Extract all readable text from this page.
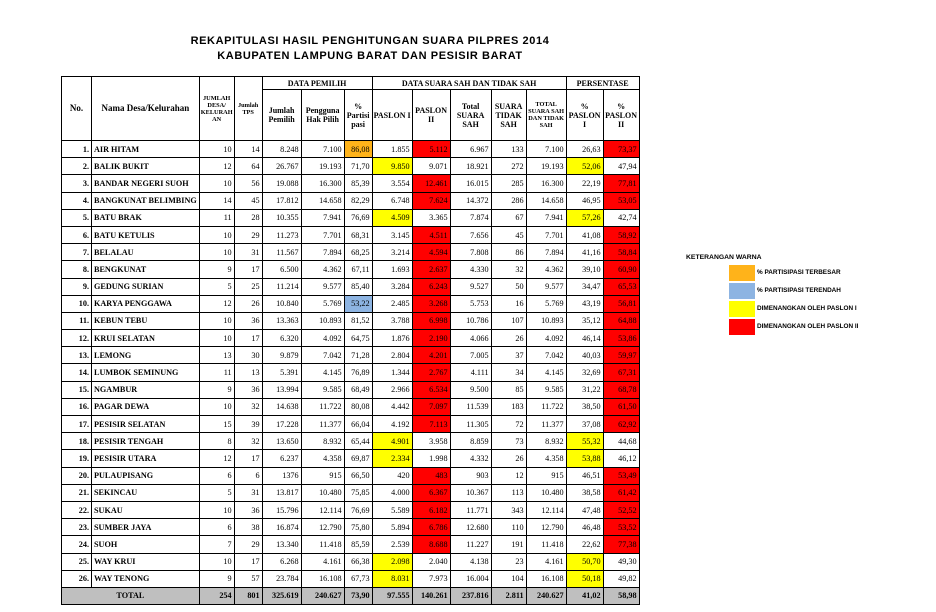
REKAPITULASI HASIL PENGHITUNGAN SUARA PILPRES 2014
KABUPATEN LAMPUNG BARAT DAN PESISIR BARAT
No.	Nama Desa/Kelurahan	JUMLAH DESA/ KELURAH AN	Jumlah TPS	DATA PEMILIH			DATA SUARA SAH DAN TIDAK SAH					PERSENTASE	
				Jumlah Pemilih	Pengguna Hak Pilih	% Partisi pasi	PASLON I	PASLON II	Total SUARA SAH	SUARA TIDAK SAH	TOTAL SUARA SAH DAN TIDAK SAH	% PASLON I	% PASLON II
1.	AIR HITAM	10	14	8.248	7.100	86,08	1.855	5.112	6.967	133	7.100	26,63	73,37
2.	BALIK BUKIT	12	64	26.767	19.193	71,70	9.850	9.071	18.921	272	19.193	52,06	47,94
3.	BANDAR NEGERI SUOH	10	56	19.088	16.300	85,39	3.554	12.461	16.015	285	16.300	22,19	77,81
4.	BANGKUNAT BELIMBING	14	45	17.812	14.658	82,29	6.748	7.624	14.372	286	14.658	46,95	53,05
5.	BATU BRAK	11	28	10.355	7.941	76,69	4.509	3.365	7.874	67	7.941	57,26	42,74
6.	BATU KETULIS	10	29	11.273	7.701	68,31	3.145	4.511	7.656	45	7.701	41,08	58,92
7.	BELALAU	10	31	11.567	7.894	68,25	3.214	4.594	7.808	86	7.894	41,16	58,84
8.	BENGKUNAT	9	17	6.500	4.362	67,11	1.693	2.637	4.330	32	4.362	39,10	60,90
9.	GEDUNG SURIAN	5	25	11.214	9.577	85,40	3.284	6.243	9.527	50	9.577	34,47	65,53
10.	KARYA PENGGAWA	12	26	10.840	5.769	53,22	2.485	3.268	5.753	16	5.769	43,19	56,81
11.	KEBUN TEBU	10	36	13.363	10.893	81,52	3.788	6.998	10.786	107	10.893	35,12	64,88
12.	KRUI SELATAN	10	17	6.320	4.092	64,75	1.876	2.190	4.066	26	4.092	46,14	53,86
13.	LEMONG	13	30	9.879	7.042	71,28	2.804	4.201	7.005	37	7.042	40,03	59,97
14.	LUMBOK SEMINUNG	11	13	5.391	4.145	76,89	1.344	2.767	4.111	34	4.145	32,69	67,31
15.	NGAMBUR	9	36	13.994	9.585	68,49	2.966	6.534	9.500	85	9.585	31,22	68,78
16.	PAGAR DEWA	10	32	14.638	11.722	80,08	4.442	7.097	11.539	183	11.722	38,50	61,50
17.	PESISIR SELATAN	15	39	17.228	11.377	66,04	4.192	7.113	11.305	72	11.377	37,08	62,92
18.	PESISIR TENGAH	8	32	13.650	8.932	65,44	4.901	3.958	8.859	73	8.932	55,32	44,68
19.	PESISIR UTARA	12	17	6.237	4.358	69,87	2.334	1.998	4.332	26	4.358	53,88	46,12
20.	PULAUPISANG	6	6	1376	915	66,50	420	483	903	12	915	46,51	53,49
21.	SEKINCAU	5	31	13.817	10.480	75,85	4.000	6.367	10.367	113	10.480	38,58	61,42
22.	SUKAU	10	36	15.796	12.114	76,69	5.589	6.182	11.771	343	12.114	47,48	52,52
23.	SUMBER JAYA	6	38	16.874	12.790	75,80	5.894	6.786	12.680	110	12.790	46,48	53,52
24.	SUOH	7	29	13.340	11.418	85,59	2.539	8.688	11.227	191	11.418	22,62	77,38
25.	WAY KRUI	10	17	6.268	4.161	66,38	2.098	2.040	4.138	23	4.161	50,70	49,30
26.	WAY TENONG	9	57	23.784	16.108	67,73	8.031	7.973	16.004	104	16.108	50,18	49,82
TOTAL		254	801	325.619	240.627	73,90	97.555	140.261	237.816	2.811	240.627	41,02	58,98
KETERANGAN WARNA
% PARTISIPASI TERBESAR
% PARTISIPASI TERENDAH
DIMENANGKAN OLEH PASLON I
DIMENANGKAN OLEH PASLON II
